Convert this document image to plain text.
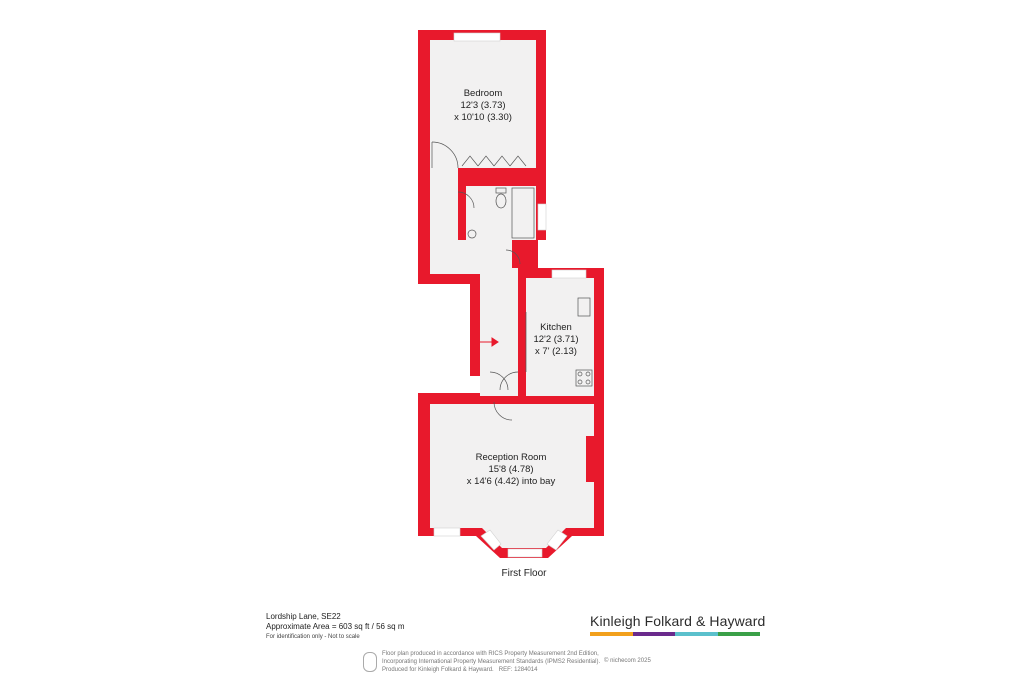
Bedroom
12'3 (3.73)
x 10'10 (3.30)
Kitchen
12'2 (3.71)
x 7' (2.13)
Reception Room
15'8 (4.78)
x 14'6 (4.42) into bay
First Floor
Lordship Lane, SE22
Approximate Area = 603 sq ft / 56 sq m
For identification only - Not to scale
Kinleigh Folkard & Hayward
Floor plan produced in accordance with RICS Property Measurement 2nd Edition,
Incorporating International Property Measurement Standards (IPMS2 Residential).
Produced for Kinleigh Folkard & Hayward. REF: 1284014
© nichecom 2025
